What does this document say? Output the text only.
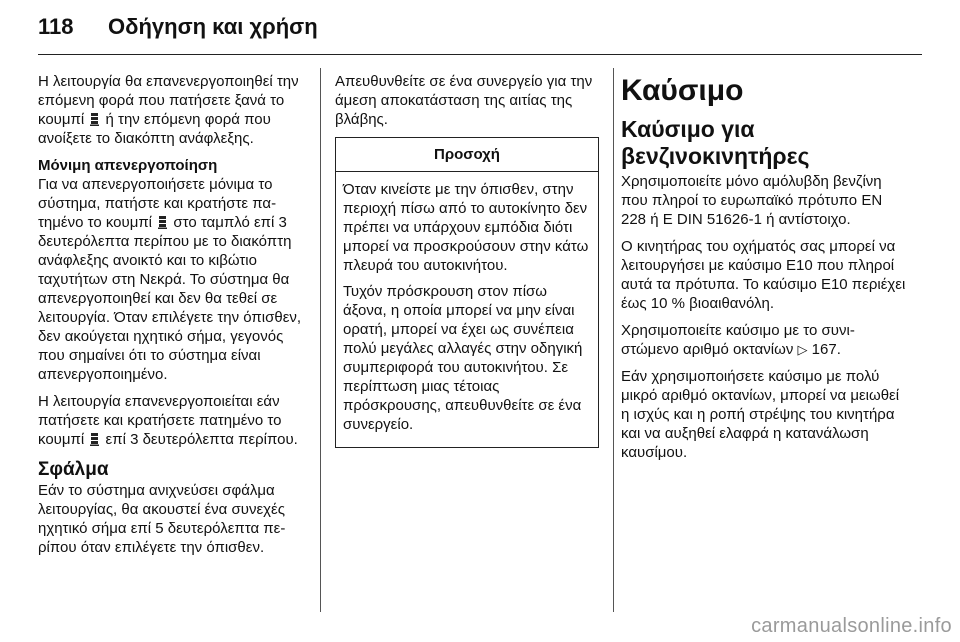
118	Οδήγηση και χρήση

Η λειτουργία θα επανενεργοποιηθεί την επόμενη φορά που πατήσετε ξανά το κουμπί  ή την επόμενη φορά που ανοίξετε το διακόπτη ανάφλεξης.

Μόνιμη απενεργοποίηση

Για να απενεργοποιήσετε μόνιμα το σύστημα, πατήστε και κρατήστε πατημένο το κουμπί  στο ταμπλό επί 3 δευτερόλεπτα περίπου με το διακόπτη ανάφλεξης ανοικτό και το κιβώτιο ταχυτήτων στη Νεκρά. Το σύστημα θα απενεργοποιηθεί και δεν θα τεθεί σε λειτουργία. Όταν επιλέγετε την όπισθεν, δεν ακούγεται ηχητικό σήμα, γεγονός που σημαίνει ότι το σύστημα είναι απενεργοποιημένο.

Η λειτουργία επανενεργοποιείται εάν πατήσετε και κρατήσετε πατημένο το κουμπί  επί 3 δευτερόλεπτα περίπου.

Σφάλμα

Εάν το σύστημα ανιχνεύσει σφάλμα λειτουργίας, θα ακουστεί ένα συνεχές ηχητικό σήμα επί 5 δευτερόλεπτα περίπου όταν επιλέγετε την όπισθεν.

Απευθυνθείτε σε ένα συνεργείο για την άμεση αποκατάσταση της αιτίας της βλάβης.

Προσοχή

Όταν κινείστε με την όπισθεν, στην περιοχή πίσω από το αυτοκίνητο δεν πρέπει να υπάρχουν εμπόδια διότι μπορεί να προσκρούσουν στην κάτω πλευρά του αυτοκινήτου.

Τυχόν πρόσκρουση στον πίσω άξονα, η οποία μπορεί να μην είναι ορατή, μπορεί να έχει ως συνέπεια πολύ μεγάλες αλλαγές στην οδηγική συμπεριφορά του αυτοκινήτου. Σε περίπτωση μιας τέτοιας πρόσκρουσης, απευθυνθείτε σε ένα συνεργείο.

Καύσιμο
Καύσιμο για βενζινοκινητήρες

Χρησιμοποιείτε μόνο αμόλυβδη βενζίνη που πληροί το ευρωπαϊκό πρότυπο EN 228 ή E DIN 51626-1 ή αντίστοιχο.

Ο κινητήρας του οχήματός σας μπορεί να λειτουργήσει με καύσιμο E10 που πληροί αυτά τα πρότυπα. Το καύσιμο E10 περιέχει έως 10 % βιοαιθανόλη.

Χρησιμοποιείτε καύσιμο με το συνιστώμενο αριθμό οκτανίων ▷ 167.

Εάν χρησιμοποιήσετε καύσιμο με πολύ μικρό αριθμό οκτανίων, μπορεί να μειωθεί η ισχύς και η ροπή στρέψης του κινητήρα και να αυξηθεί ελαφρά η κατανάλωση καυσίμου.

carmanualsonline.info
